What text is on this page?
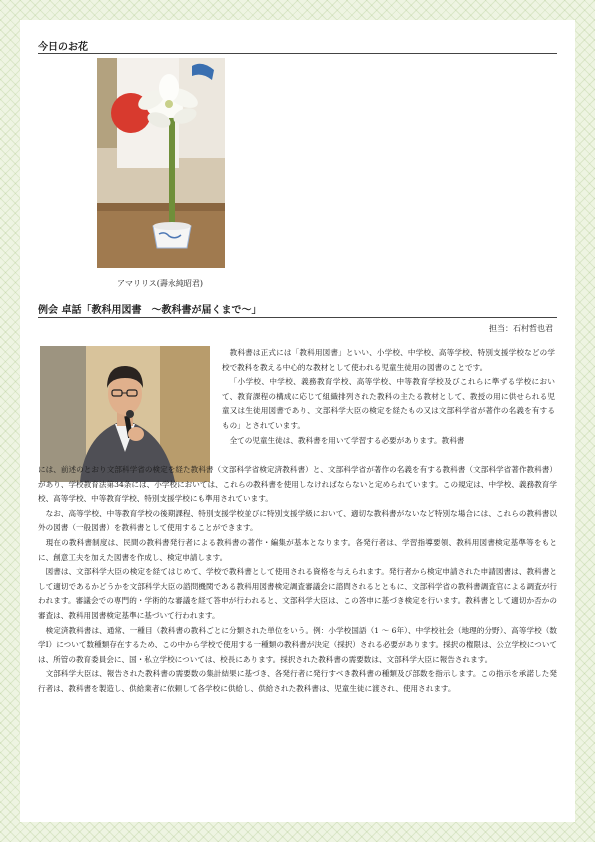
今日のお花
アマリリス(壽永純昭君)
例会 卓話「教科用図書　～教科書が届くまで～」
担当：石村哲也君

教科書は正式には「教科用図書」といい、小学校、中学校、高等学校、特別支援学校などの学校で教科を教える中心的な教材として使われる児童生徒用の図書のことです。

「小学校、中学校、義務教育学校、高等学校、中等教育学校及びこれらに準ずる学校において、教育課程の構成に応じて組織排列された教科の主たる教材として、教授の用に供せられる児童又は生徒用図書であり、文部科学大臣の検定を経たもの又は文部科学省が著作の名義を有するもの」とされています。

全ての児童生徒は、教科書を用いて学習する必要があります。教科書

には、前述のとおり文部科学省の検定を経た教科書（文部科学省検定済教科書）と、文部科学省が著作の名義を有する教科書（文部科学省著作教科書）があり、学校教育法第34条には、小学校においては、これらの教科書を使用しなければならないと定められています。この規定は、中学校、義務教育学校、高等学校、中等教育学校、特別支援学校にも準用されています。

なお、高等学校、中等教育学校の後期課程、特別支援学校並びに特別支援学級において、適切な教科書がないなど特別な場合には、これらの教科書以外の図書（一般図書）を教科書として使用することができます。

現在の教科書制度は、民間の教科書発行者による教科書の著作・編集が基本となります。各発行者は、学習指導要領、教科用図書検定基準等をもとに、創意工夫を加えた図書を作成し、検定申請します。

図書は、文部科学大臣の検定を経てはじめて、学校で教科書として使用される資格を与えられます。発行者から検定申請された申請図書は、教科書として適切であるかどうかを文部科学大臣の諮問機関である教科用図書検定調査審議会に諮問されるとともに、文部科学省の教科書調査官による調査が行われます。審議会での専門的・学術的な審議を経て答申が行われると、文部科学大臣は、この答申に基づき検定を行います。教科書として適切か否かの審査は、教科用図書検定基準に基づいて行われます。

検定済教科書は、通常、一種目（教科書の教科ごとに分類された単位をいう。例：小学校国語（1 ～ 6年）、中学校社会（地理的分野）、高等学校（数学Ⅰ）について数種類存在するため、この中から学校で使用する一種類の教科書が決定（採択）される必要があります。採択の権限は、公立学校については、所管の教育委員会に、国・私立学校については、校長にあります。採択された教科書の需要数は、文部科学大臣に報告されます。

文部科学大臣は、報告された教科書の需要数の集計結果に基づき、各発行者に発行すべき教科書の種類及び部数を指示します。この指示を承諾した発行者は、教科書を製造し、供給業者に依頼して各学校に供給し、供給された教科書は、児童生徒に渡され、使用されます。
